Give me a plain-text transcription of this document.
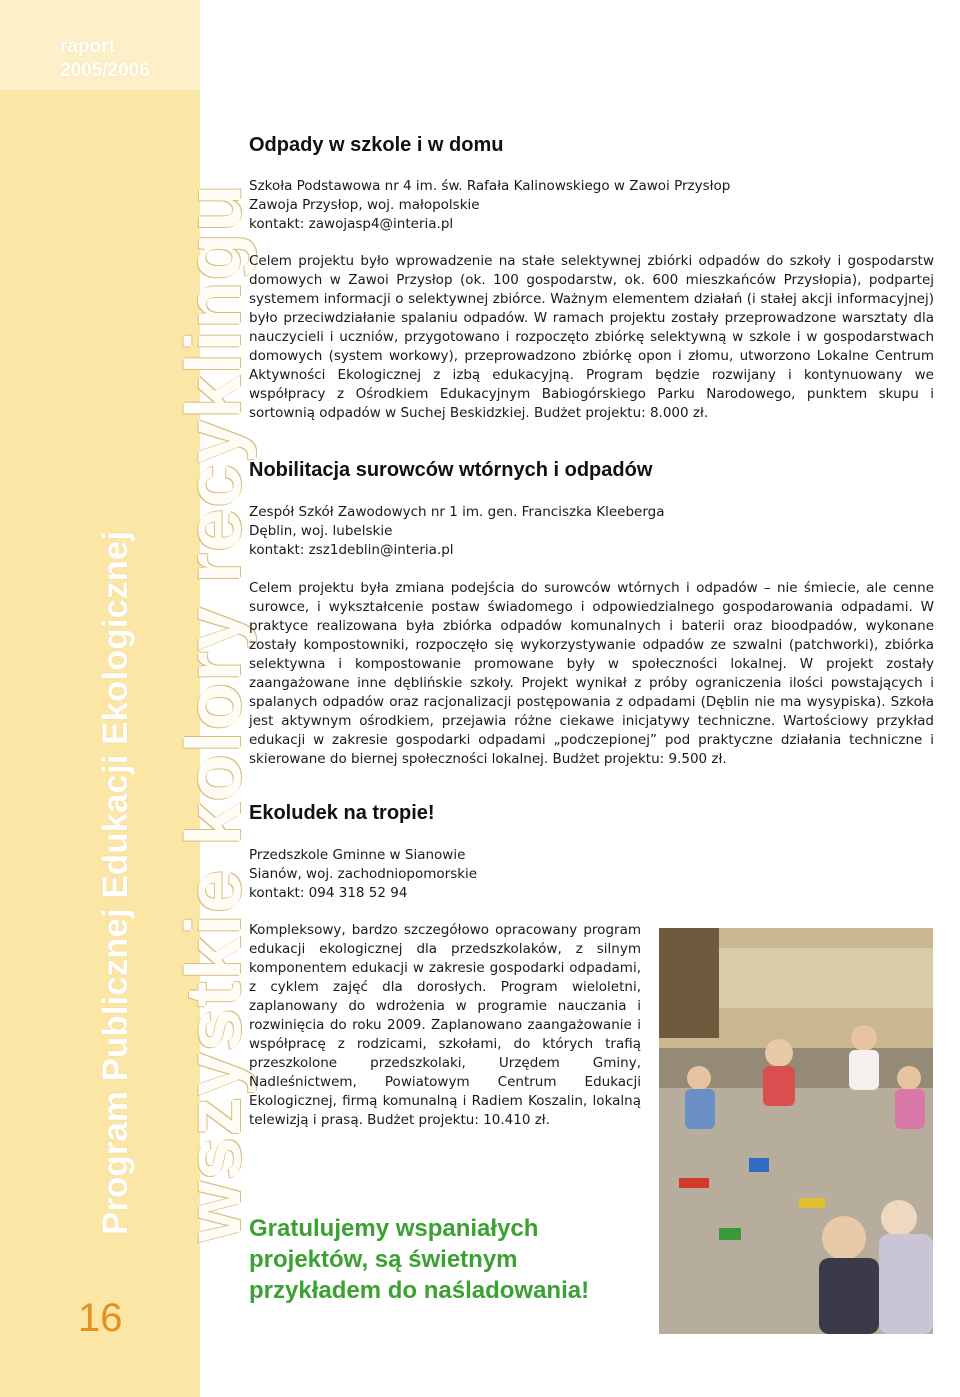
raport
2005/2006
Program Publicznej Edukacji Ekologicznej wszystkie kolory recyklingu
16
Odpady w szkole i w domu

Szkoła Podstawowa nr 4 im. św. Rafała Kalinowskiego w Zawoi Przysłop

Zawoja Przysłop, woj. małopolskie

kontakt: zawojasp4@interia.pl

Celem projektu było wprowadzenie na stałe selektywnej zbiórki odpadów do szkoły i gospodarstw domowych w Zawoi Przysłop (ok. 100 gospodarstw, ok. 600 mieszkańców Przysłopia), podpartej systemem informacji o selektywnej zbiórce. Ważnym elementem działań (i stałej akcji informacyjnej) było przeciwdziałanie spalaniu odpadów. W ramach projektu zostały przeprowadzone warsztaty dla nauczycieli i uczniów, przygotowano i rozpoczęto zbiórkę selektywną w szkole i w gospodarstwach domowych (system workowy), przeprowadzono zbiórkę opon i złomu, utworzono Lokalne Centrum Aktywności Ekologicznej z izbą edukacyjną. Program będzie rozwijany i kontynuowany we współpracy z Ośrodkiem Edukacyjnym Babiogórskiego Parku Narodowego, punktem skupu i sortownią odpadów w Suchej Beskidzkiej. Budżet projektu: 8.000 zł.

Nobilitacja surowców wtórnych i odpadów

Zespół Szkół Zawodowych nr 1 im. gen. Franciszka Kleeberga

Dęblin, woj. lubelskie

kontakt: zsz1deblin@interia.pl

Celem projektu była zmiana podejścia do surowców wtórnych i odpadów – nie śmiecie, ale cenne surowce, i wykształcenie postaw świadomego i odpowiedzialnego gospodarowania odpadami. W praktyce realizowana była zbiórka odpadów komunalnych i baterii oraz bioodpadów, wykonane zostały kompostowniki, rozpoczęło się wykorzystywanie odpadów ze szwalni (patchworki), zbiórka selektywna i kompostowanie promowane były w społeczności lokalnej. W projekt zostały zaangażowane inne dęblińskie szkoły. Projekt wynikał z próby ograniczenia ilości powstających i spalanych odpadów oraz racjonalizacji postępowania z odpadami (Dęblin nie ma wysypiska). Szkoła jest aktywnym ośrodkiem, przejawia różne ciekawe inicjatywy techniczne. Wartościowy przykład edukacji w zakresie gospodarki odpadami „podczepionej” pod praktyczne działania techniczne i skierowane do biernej społeczności lokalnej. Budżet projektu: 9.500 zł.

Ekoludek na tropie!

Przedszkole Gminne w Sianowie

Sianów, woj. zachodniopomorskie

kontakt: 094 318 52 94

Kompleksowy, bardzo szczegółowo opracowany program edukacji ekologicznej dla przedszkolaków, z silnym komponentem edukacji w zakresie gospodarki odpadami, z cyklem zajęć dla dorosłych. Program wieloletni, zaplanowany do wdrożenia w programie nauczania i rozwinięcia do roku 2009. Zaplanowano zaangażowanie i współpracę z rodzicami, szkołami, do których trafią przeszkolone przedszkolaki, Urzędem Gminy, Nadleśnictwem, Powiatowym Centrum Edukacji Ekologicznej, firmą komunalną i Radiem Koszalin, lokalną telewizją i prasą. Budżet projektu: 10.410 zł.

Gratulujemy wspaniałych
projektów, są świetnym
przykładem do naśladowania!
